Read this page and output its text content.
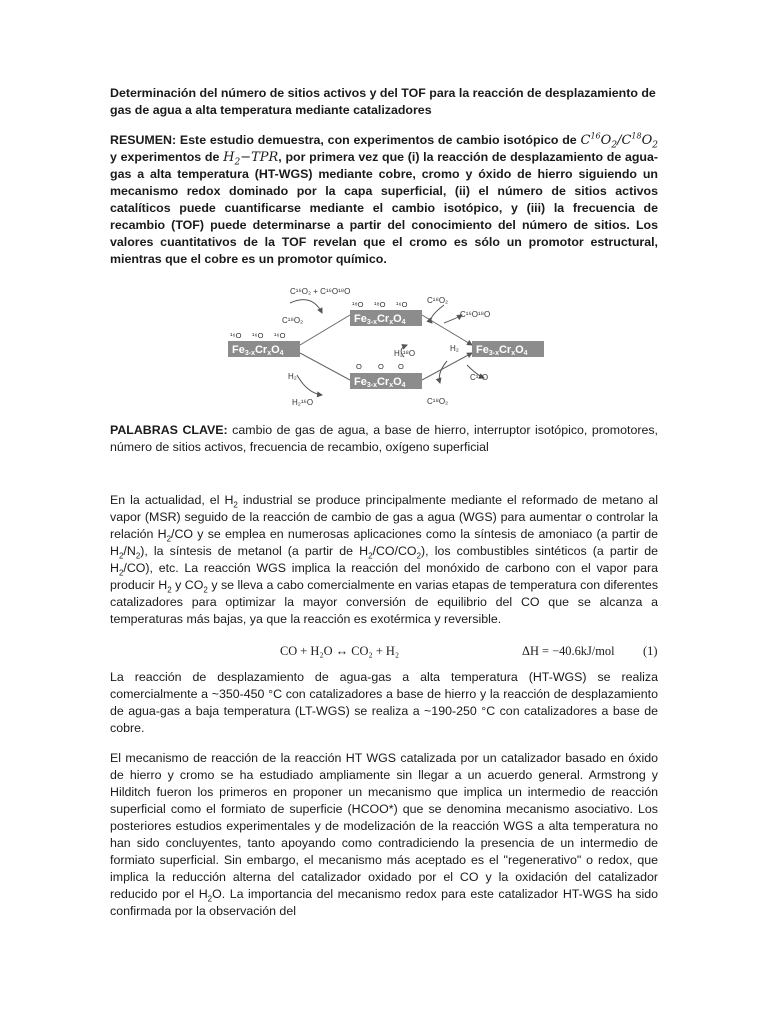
Determinación del número de sitios activos y del TOF para la reacción de desplazamiento de gas de agua a alta temperatura mediante catalizadores
RESUMEN: Este estudio demuestra, con experimentos de cambio isotópico de $C^{16}O_2/C^{18}O_2$ y experimentos de $H_2-TPR$, por primera vez que (i) la reacción de desplazamiento de agua-gas a alta temperatura (HT-WGS) mediante cobre, cromo y óxido de hierro siguiendo un mecanismo redox dominado por la capa superficial, (ii) el número de sitios activos catalíticos puede cuantificarse mediante el cambio isotópico, y (iii) la frecuencia de recambio (TOF) puede determinarse a partir del conocimiento del número de sitios. Los valores cuantitativos de la TOF revelan que el cromo es sólo un promotor estructural, mientras que el cobre es un promotor químico.
Fe3-xCrxO4
¹⁶O ¹⁶O ¹⁶O
Fe3-xCrxO4
¹⁸O ¹⁸O ¹⁶O
Fe3-xCrxO4
O O O
Fe3-xCrxO4
C¹⁶O₂ + C¹⁶O¹⁸O
C¹⁸O₂
C¹⁸O₂
C¹⁶O¹⁸O
H₂¹⁸O
H₂
H₂
H₂¹⁶O	C¹⁸O₂
C¹⁸O
PALABRAS CLAVE: cambio de gas de agua, a base de hierro, interruptor isotópico, promotores, número de sitios activos, frecuencia de recambio, oxígeno superficial
En la actualidad, el $H_2$ industrial se produce principalmente mediante el reformado de metano al vapor (MSR) seguido de la reacción de cambio de gas a agua (WGS) para aumentar o controlar la relación $H_2/CO$ y se emplea en numerosas aplicaciones como la síntesis de amoniaco (a partir de $H_2/N_2$), la síntesis de metanol (a partir de $H_2/CO/CO_2$), los combustibles sintéticos (a partir de $H_2/CO$), etc. La reacción WGS implica la reacción del monóxido de carbono con el vapor para producir $H_2$ y $CO_2$ y se lleva a cabo comercialmente en varias etapas de temperatura con diferentes catalizadores para optimizar la mayor conversión de equilibrio del CO que se alcanza a temperaturas más bajas, ya que la reacción es exotérmica y reversible.
CO + H₂O ↔ CO₂ + H₂	ΔH = −40.6kJ/mol (1)
La reacción de desplazamiento de agua-gas a alta temperatura (HT-WGS) se realiza comercialmente a ~350-450 °C con catalizadores a base de hierro y la reacción de desplazamiento de agua-gas a baja temperatura (LT-WGS) se realiza a ~190-250 °C con catalizadores a base de cobre.
El mecanismo de reacción de la reacción HT WGS catalizada por un catalizador basado en óxido de hierro y cromo se ha estudiado ampliamente sin llegar a un acuerdo general. Armstrong y Hilditch fueron los primeros en proponer un mecanismo que implica un intermedio de reacción superficial como el formiato de superficie (HCOO*) que se denomina mecanismo asociativo. Los posteriores estudios experimentales y de modelización de la reacción WGS a alta temperatura no han sido concluyentes, tanto apoyando como contradiciendo la presencia de un intermedio de formiato superficial. Sin embargo, el mecanismo más aceptado es el "regenerativo" o redox, que implica la reducción alterna del catalizador oxidado por el CO y la oxidación del catalizador reducido por el $H_2O$. La importancia del mecanismo redox para este catalizador HT-WGS ha sido confirmada por la observación del
